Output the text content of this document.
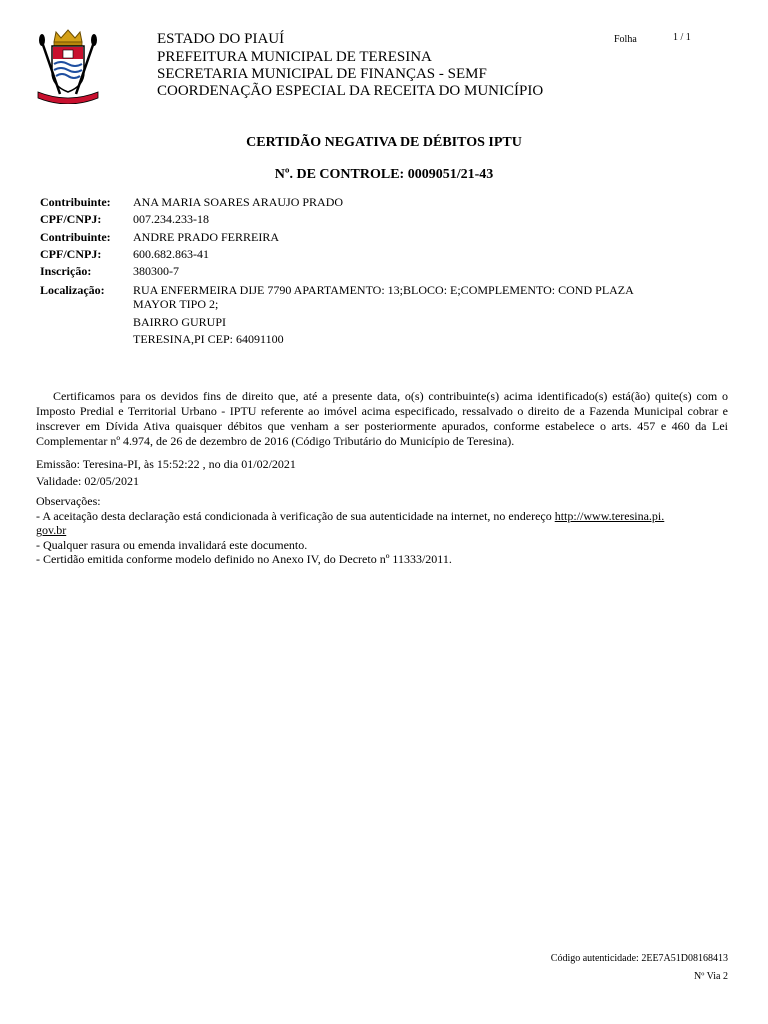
ESTADO DO PIAUÍ
PREFEITURA MUNICIPAL DE TERESINA
SECRETARIA MUNICIPAL DE FINANÇAS - SEMF
COORDENAÇÃO ESPECIAL DA RECEITA DO MUNICÍPIO
Folha	1 / 1
CERTIDÃO NEGATIVA DE DÉBITOS IPTU
Nº. DE CONTROLE: 0009051/21-43
Contribuinte: ANA MARIA SOARES ARAUJO PRADO
CPF/CNPJ:	007.234.233-18
Contribuinte: ANDRE PRADO FERREIRA
CPF/CNPJ:	600.682.863-41
Inscrição:	380300-7
Localização: RUA ENFERMEIRA DIJE 7790 APARTAMENTO: 13;BLOCO: E;COMPLEMENTO: COND PLAZA
MAYOR TIPO 2;
BAIRRO GURUPI
TERESINA,PI CEP: 64091100
Certificamos para os devidos fins de direito que, até a presente data, o(s) contribuinte(s) acima identificado(s) está(ão) quite(s) com o Imposto Predial e Territorial Urbano - IPTU referente ao imóvel acima especificado, ressalvado o direito de a Fazenda Municipal cobrar e inscrever em Dívida Ativa quaisquer débitos que venham a ser posteriormente apurados, conforme estabelece o arts. 457 e 460 da Lei Complementar nº 4.974, de 26 de dezembro de 2016 (Código Tributário do Município de Teresina).
Emissão: Teresina-PI, às 15:52:22 , no dia 01/02/2021
Validade: 02/05/2021
Observações:
- A aceitação desta declaração está condicionada à verificação de sua autenticidade na internet, no endereço http://www.teresina.pi.
gov.br
- Qualquer rasura ou emenda invalidará este documento.
- Certidão emitida conforme modelo definido no Anexo IV, do Decreto nº 11333/2011.
Código autenticidade: 2EE7A51D08168413
Nº Via 2
